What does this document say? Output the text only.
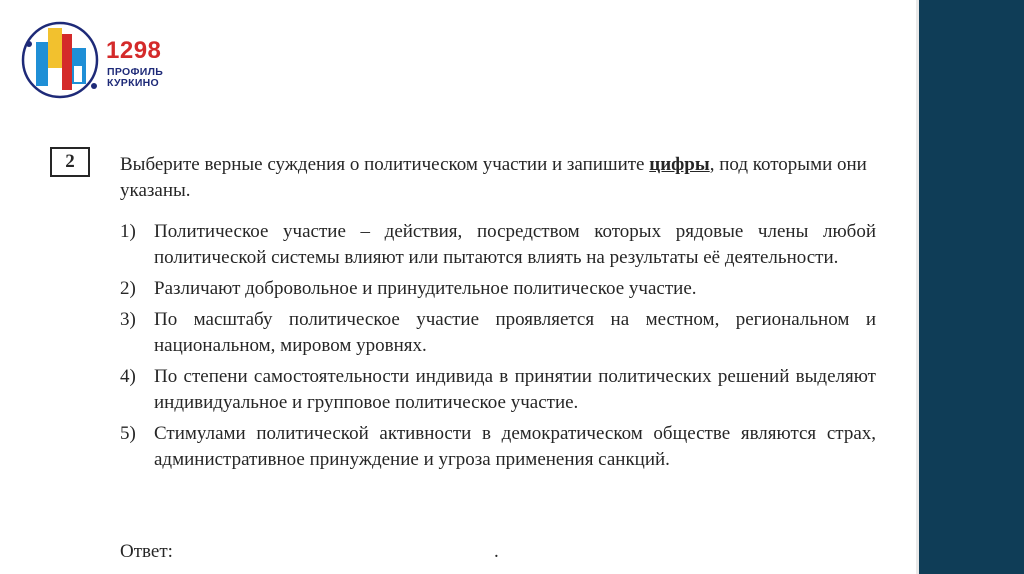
1298
ПРОФИЛЬ
КУРКИНО
2	Выберите верные суждения о политическом участии и запишите цифры, под которыми они указаны.
1) Политическое участие – действия, посредством которых рядовые члены любой политической системы влияют или пытаются влиять на результаты её деятельности.
2) Различают добровольное и принудительное политическое участие.
3) По масштабу политическое участие проявляется на местном, региональном и национальном, мировом уровнях.
4) По степени самостоятельности индивида в принятии политических решений выделяют индивидуальное и групповое политическое участие.
5) Стимулами политической активности в демократическом обществе являются страх, административное принуждение и угроза применения санкций.
Ответ:	.
